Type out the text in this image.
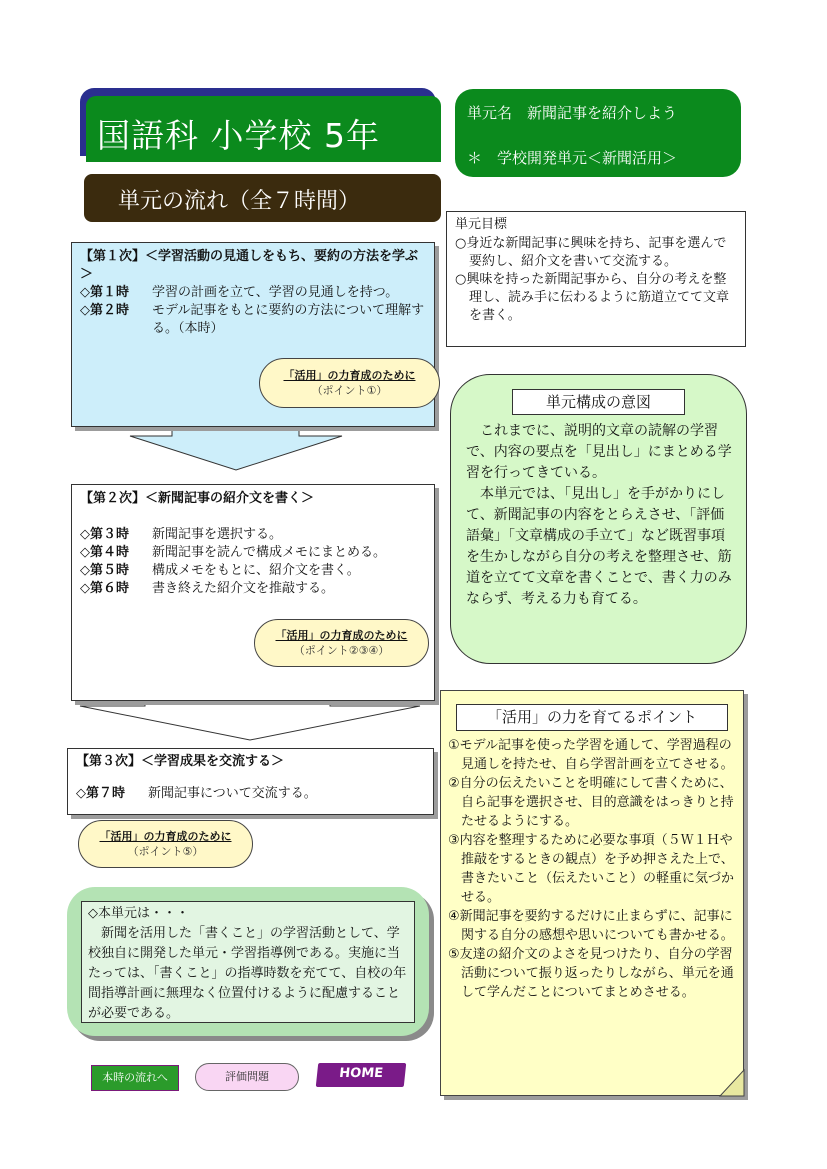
国語科 小学校 5年
単元名　新聞記事を紹介しよう
＊　学校開発単元＜新聞活用＞
単元の流れ（全７時間）
単元目標
○身近な新聞記事に興味を持ち、記事を選んで要約し、紹介文を書いて交流する。
○興味を持った新聞記事から、自分の考えを整理し、読み手に伝わるように筋道立てて文章を書く。
【第１次】＜学習活動の見通しをもち、要約の方法を学ぶ＞
◇第１時	学習の計画を立て、学習の見通しを持つ。
◇第２時	モデル記事をもとに要約の方法について理解する。（本時）
「活用」の力育成のために
（ポイント①）
【第２次】＜新聞記事の紹介文を書く＞
◇第３時	新聞記事を選択する。
◇第４時	新聞記事を読んで構成メモにまとめる。
◇第５時	構成メモをもとに、紹介文を書く。
◇第６時	書き終えた紹介文を推敲する。
「活用」の力育成のために
（ポイント②③④）
【第３次】＜学習成果を交流する＞
◇第７時	新聞記事について交流する。
「活用」の力育成のために
（ポイント⑤）
単元構成の意図

これまでに、説明的文章の読解の学習で、内容の要点を「見出し」にまとめる学習を行ってきている。

本単元では、「見出し」を手がかりにして、新聞記事の内容をとらえさせ、「評価語彙」「文章構成の手立て」など既習事項を生かしながら自分の考えを整理させ、筋道を立てて文章を書くことで、書く力のみならず、考える力も育てる。

◇本単元は・・・

新聞を活用した「書くこと」の学習活動として、学校独自に開発した単元・学習指導例である。実施に当たっては、「書くこと」の指導時数を充てて、自校の年間指導計画に無理なく位置付けるように配慮することが必要である。

「活用」の力を育てるポイント
①モデル記事を使った学習を通して、学習過程の見通しを持たせ、自ら学習計画を立てさせる。
②自分の伝えたいことを明確にして書くために、自ら記事を選択させ、目的意識をはっきりと持たせるようにする。
③内容を整理するために必要な事項（５Ｗ１Ｈや推敲をするときの観点）を予め押さえた上で、書きたいこと（伝えたいこと）の軽重に気づかせる。
④新聞記事を要約するだけに止まらずに、記事に関する自分の感想や思いについても書かせる。
⑤友達の紹介文のよさを見つけたり、自分の学習活動について振り返ったりしながら、単元を通して学んだことについてまとめさせる。
本時の流れへ	評価問題	HOME
